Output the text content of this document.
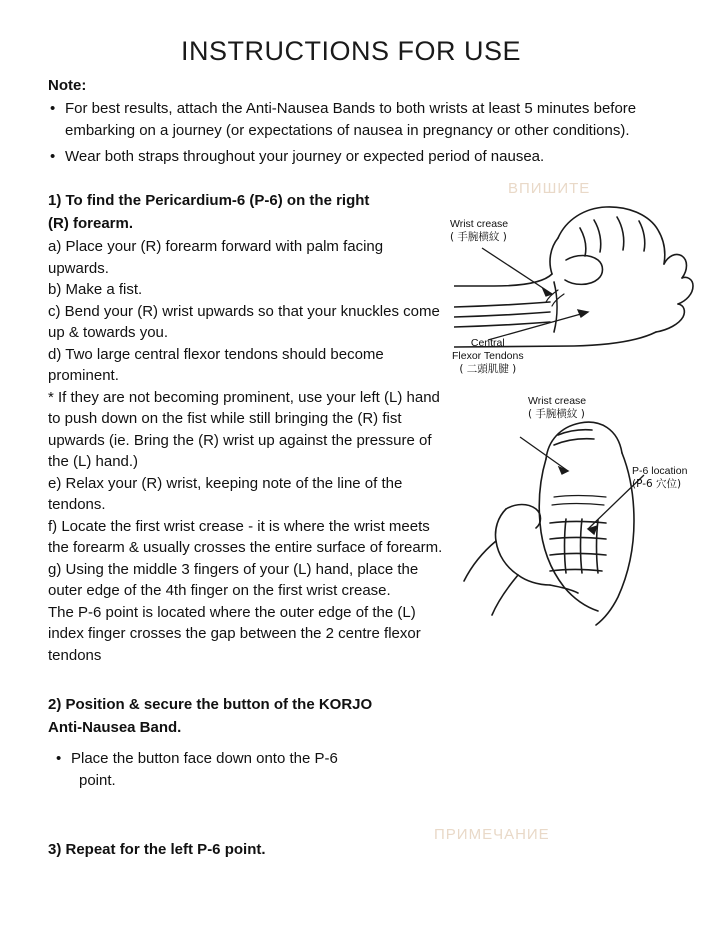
INSTRUCTIONS FOR USE
Note:
• For best results, attach the Anti-Nausea Bands to both wrists at least 5 minutes before embarking on a journey (or expectations of nausea in pregnancy or other conditions).
• Wear both straps throughout your journey or expected period of nausea.
1) To find the Pericardium-6 (P-6) on the right
(R) forearm.

a) Place your (R) forearm forward with palm facing upwards.

b) Make a fist.

c) Bend your (R) wrist upwards so that your knuckles come up & towards you.

d) Two large central flexor tendons should become prominent.

* If they are not becoming prominent, use your left (L) hand to push down on the fist while still bringing the (R) fist upwards (ie. Bring the (R) wrist up against the pressure of the (L) hand.)

e) Relax your (R) wrist, keeping note of the line of the tendons.

f) Locate the first wrist crease - it is where the wrist meets the forearm & usually crosses the entire surface of forearm.

g) Using the middle 3 fingers of your (L) hand, place the outer edge of the 4th finger on the first wrist crease.

The P-6 point is located where the outer edge of the (L) index finger crosses the gap between the 2 centre flexor tendons

2) Position & secure the button of the KORJO
Anti-Nausea Band.
• Place the button face down onto the P-6
point.
3) Repeat for the left P-6 point.
Wrist crease
( 手腕横紋 )
Central
Flexor Tendons
( 二頭肌腱 )
Wrist crease
( 手腕横紋 )
P-6 location
(P-6 穴位)
ВПИШИТЕ
ПРИМЕЧАНИЕ
